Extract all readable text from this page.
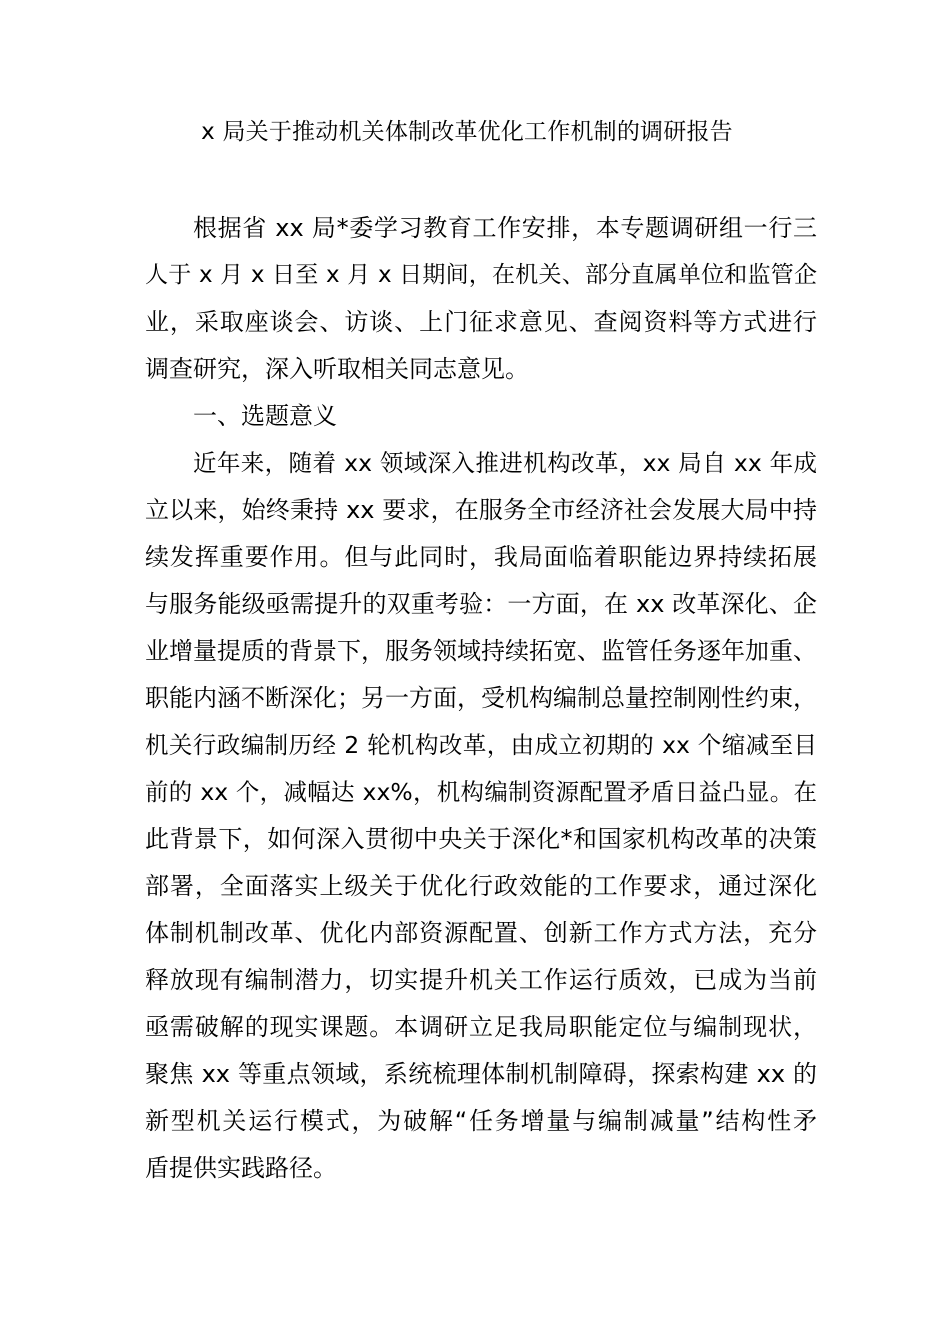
x 局关于推动机关体制改革优化工作机制的调研报告

根据省 xx 局*委学习教育工作安排，本专题调研组一行三

人于 x 月 x 日至 x 月 x 日期间，在机关、部分直属单位和监管企

业，采取座谈会、访谈、上门征求意见、查阅资料等方式进行

调查研究，深入听取相关同志意见。

一、选题意义

近年来，随着 xx 领域深入推进机构改革，xx 局自 xx 年成

立以来，始终秉持 xx 要求，在服务全市经济社会发展大局中持

续发挥重要作用。但与此同时，我局面临着职能边界持续拓展

与服务能级亟需提升的双重考验：一方面，在 xx 改革深化、企

业增量提质的背景下，服务领域持续拓宽、监管任务逐年加重、

职能内涵不断深化；另一方面，受机构编制总量控制刚性约束，

机关行政编制历经 2 轮机构改革，由成立初期的 xx 个缩减至目

前的 xx 个，减幅达 xx%，机构编制资源配置矛盾日益凸显。在

此背景下，如何深入贯彻中央关于深化*和国家机构改革的决策

部署，全面落实上级关于优化行政效能的工作要求，通过深化

体制机制改革、优化内部资源配置、创新工作方式方法，充分

释放现有编制潜力，切实提升机关工作运行质效，已成为当前

亟需破解的现实课题。本调研立足我局职能定位与编制现状，

聚焦 xx 等重点领域，系统梳理体制机制障碍，探索构建 xx 的

新型机关运行模式，为破解“任务增量与编制减量”结构性矛

盾提供实践路径。
